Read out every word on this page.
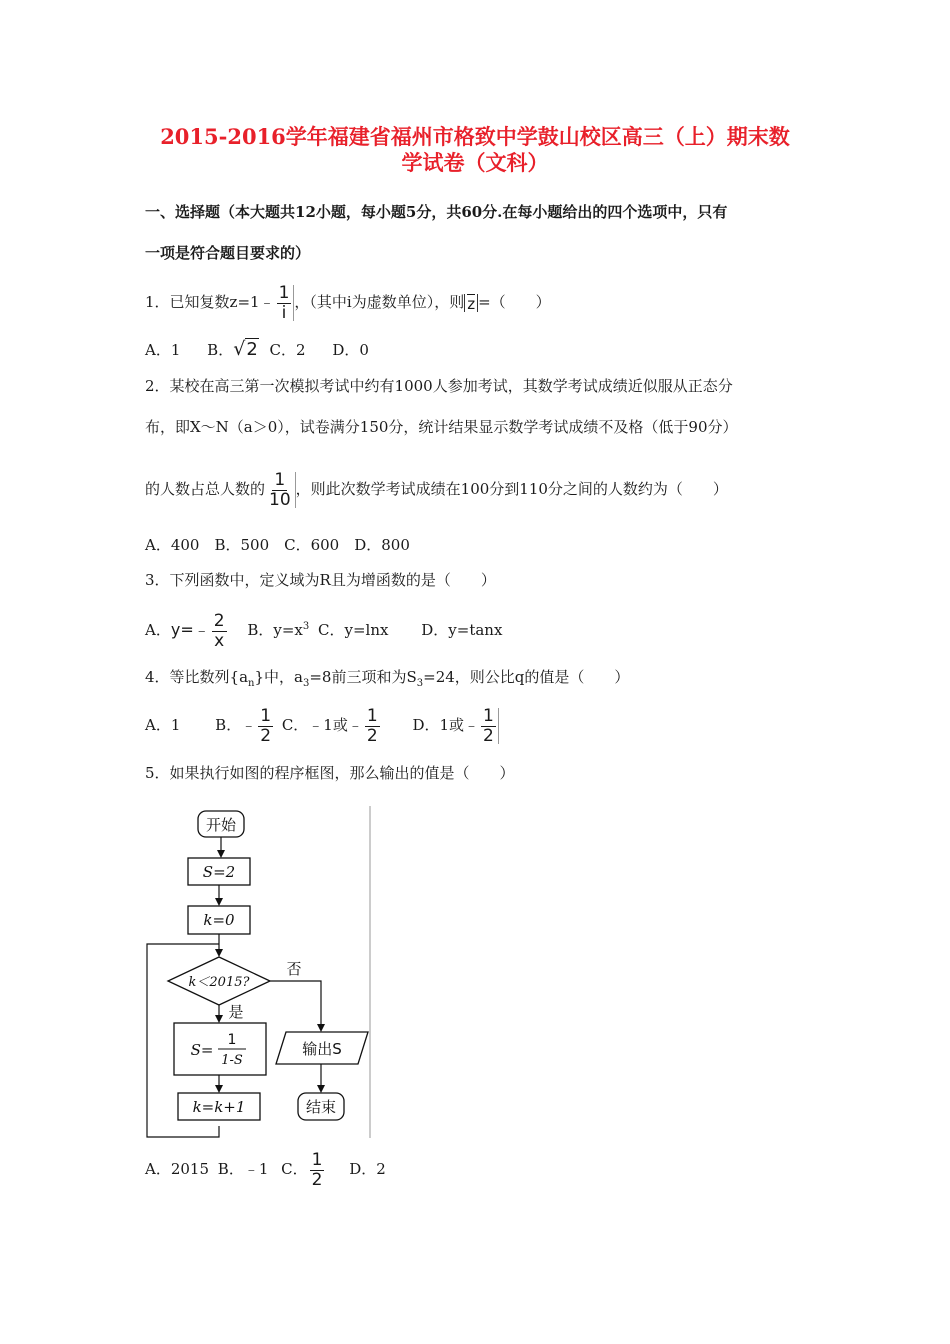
2015-2016学年福建省福州市格致中学鼓山校区高三（上）期末数
学试卷（文科）
一、选择题（本大题共12小题，每小题5分，共60分.在每小题给出的四个选项中，只有
一项是符合题目要求的）
1．已知复数z=1﹣ $\frac{1}{i}$ ，（其中i为虚数单位），则 z =（　　）
A．1 B．√2 C．2 D．0
2．某校在高三第一次模拟考试中约有1000人参加考试，其数学考试成绩近似服从正态分
布，即X～N（a＞0），试卷满分150分，统计结果显示数学考试成绩不及格（低于90分）
的人数占总人数的 $\frac{1}{10}$ ，则此次数学考试成绩在100分到110分之间的人数约为（　　）
A．400　B．500　C．600　D．800
3．下列函数中，定义域为R且为增函数的是（　　）
A．y=﹣ $\frac{2}{x}$ B．$y=x^3$ C．y=lnx D．y=tanx
4．等比数列$\{a_n\}$中，$a_3=8$前三项和为$S_3=24$，则公比q的值是（　　）
A．1 B．﹣ $\frac{1}{2}$ C．﹣1或﹣ $\frac{1}{2}$ D．1或﹣ $\frac{1}{2}$
5．如果执行如图的程序框图，那么输出的值是（　　）
开始
S=2
k=0
k＜2015?
否
是
S=
1
1-S
k=k+1
输出S
结束
A．2015 B．﹣1 C． $\frac{1}{2}$ D．2
